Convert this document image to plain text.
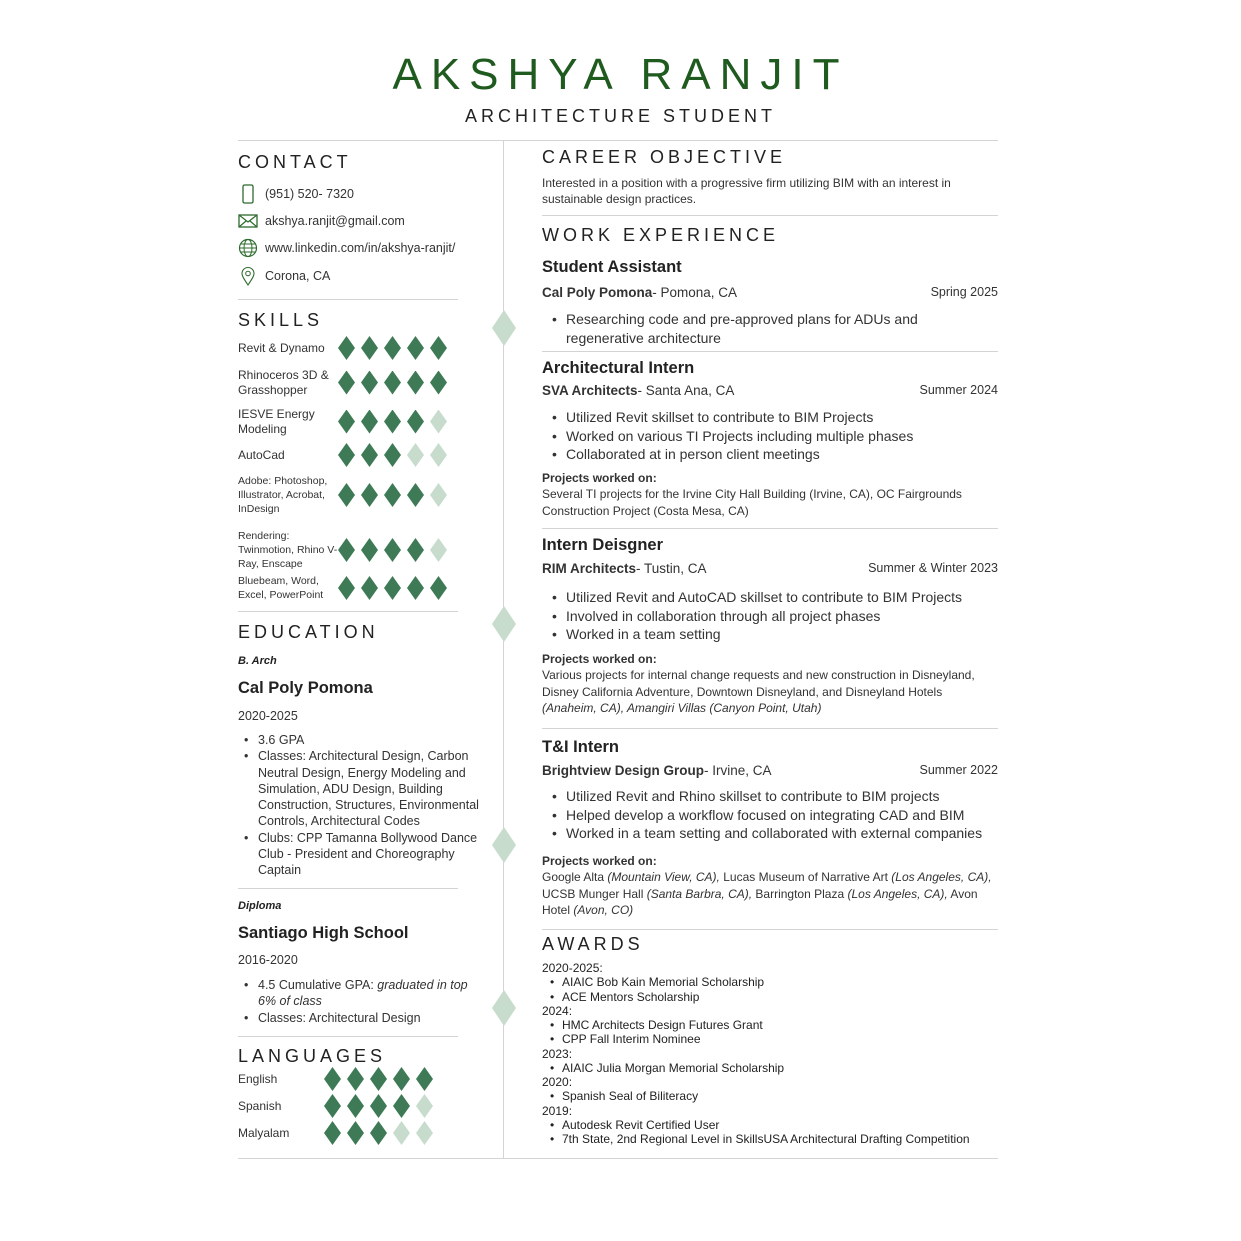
AKSHYA RANJIT
ARCHITECTURE STUDENT
CONTACT
(951) 520- 7320
akshya.ranjit@gmail.com
www.linkedin.com/in/akshya-ranjit/
Corona, CA
SKILLS
Revit & Dynamo
Rhinoceros 3D & Grasshopper
IESVE Energy Modeling
AutoCad
Adobe: Photoshop, Illustrator, Acrobat, InDesign
Rendering: Twinmotion, Rhino V-Ray, Enscape
Bluebeam, Word, Excel, PowerPoint
EDUCATION
B. Arch
Cal Poly Pomona
2020-2025
• 3.6 GPA
• Classes: Architectural Design, Carbon Neutral Design, Energy Modeling and Simulation, ADU Design, Building Construction, Structures, Environmental Controls, Architectural Codes
• Clubs: CPP Tamanna Bollywood Dance Club - President and Choreography Captain
Diploma
Santiago High School
2016-2020
• 4.5 Cumulative GPA: graduated in top 6% of class
• Classes: Architectural Design
LANGUAGES
English
Spanish
Malyalam
CAREER OBJECTIVE
Interested in a position with a progressive firm utilizing BIM with an interest in sustainable design practices.
WORK EXPERIENCE
Student Assistant
Cal Poly Pomona- Pomona, CA	Spring 2025
• Researching code and pre-approved plans for ADUs and regenerative architecture
Architectural Intern
SVA Architects- Santa Ana, CA	Summer 2024
• Utilized Revit skillset to contribute to BIM Projects
• Worked on various TI Projects including multiple phases
• Collaborated at in person client meetings
Projects worked on:
Several TI projects for the Irvine City Hall Building (Irvine, CA), OC Fairgrounds Construction Project (Costa Mesa, CA)
Intern Deisgner
RIM Architects- Tustin, CA	Summer & Winter 2023
• Utilized Revit and AutoCAD skillset to contribute to BIM Projects
• Involved in collaboration through all project phases
• Worked in a team setting
Projects worked on:
Various projects for internal change requests and new construction in Disneyland, Disney California Adventure, Downtown Disneyland, and Disneyland Hotels (Anaheim, CA), Amangiri Villas (Canyon Point, Utah)
T&I Intern
Brightview Design Group- Irvine, CA	Summer 2022
• Utilized Revit and Rhino skillset to contribute to BIM projects
• Helped develop a workflow focused on integrating CAD and BIM
• Worked in a team setting and collaborated with external companies
Projects worked on:
Google Alta (Mountain View, CA), Lucas Museum of Narrative Art (Los Angeles, CA), UCSB Munger Hall (Santa Barbra, CA), Barrington Plaza (Los Angeles, CA), Avon Hotel (Avon, CO)
AWARDS
2020-2025:
• AIAIC Bob Kain Memorial Scholarship
• ACE Mentors Scholarship
2024:
• HMC Architects Design Futures Grant
• CPP Fall Interim Nominee
2023:
• AIAIC Julia Morgan Memorial Scholarship
2020:
• Spanish Seal of Biliteracy
2019:
• Autodesk Revit Certified User
• 7th State, 2nd Regional Level in SkillsUSA Architectural Drafting Competition
